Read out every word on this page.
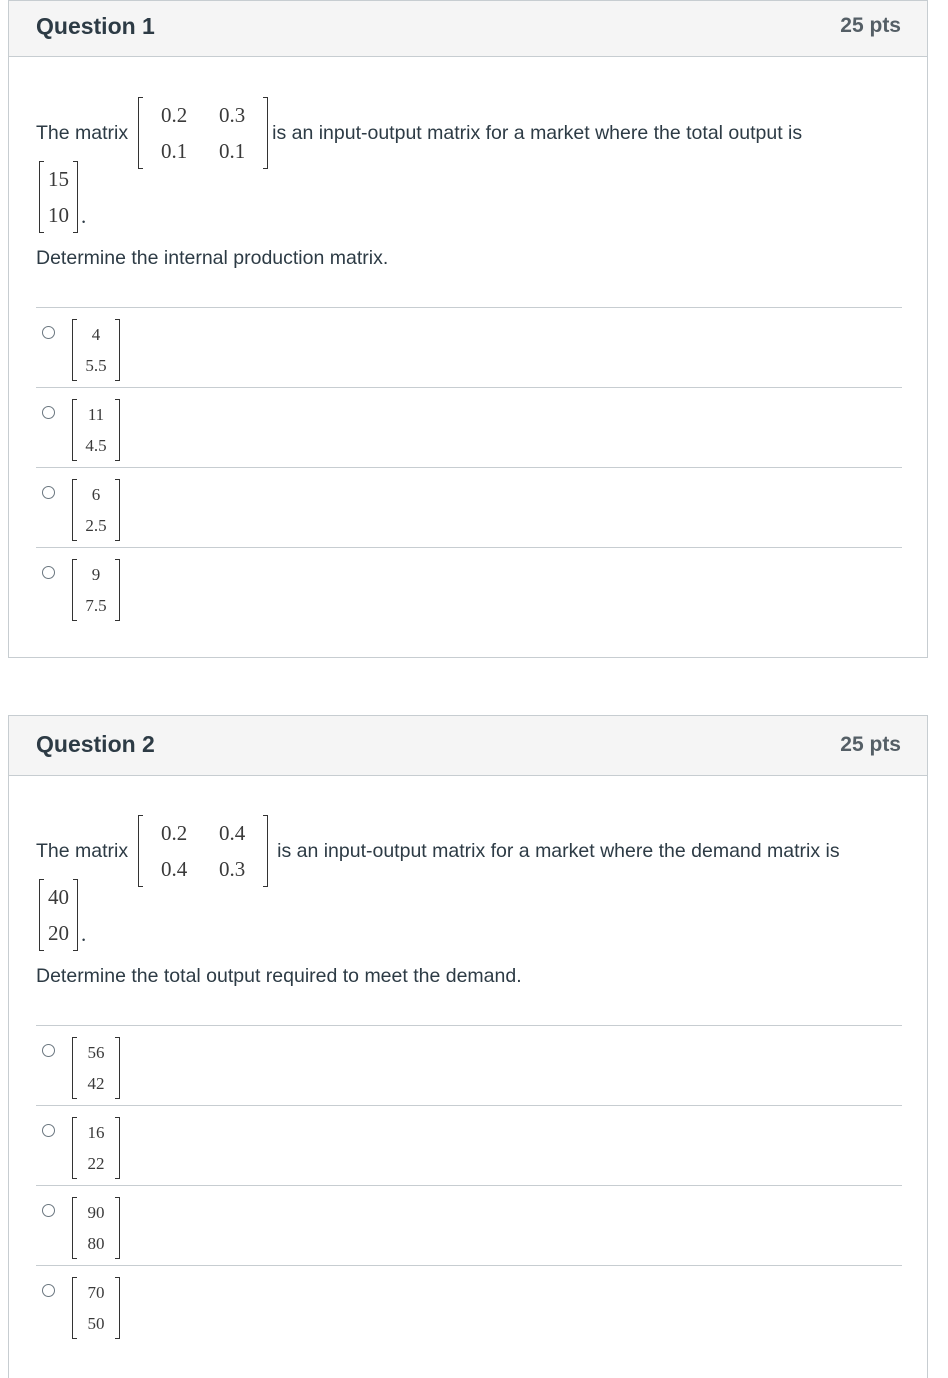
Question 1	25 pts
The matrix
0.2 0.3
0.1 0.1
is an input-output matrix for a market where the total output is
15
10 .
Determine the internal production matrix.
4
5.5
11
4.5
6
2.5
9
7.5
Question 2	25 pts
The matrix
0.2 0.4
0.4 0.3
is an input-output matrix for a market where the demand matrix is
40
20 .
Determine the total output required to meet the demand.
56
42
16
22
90
80
70
50
